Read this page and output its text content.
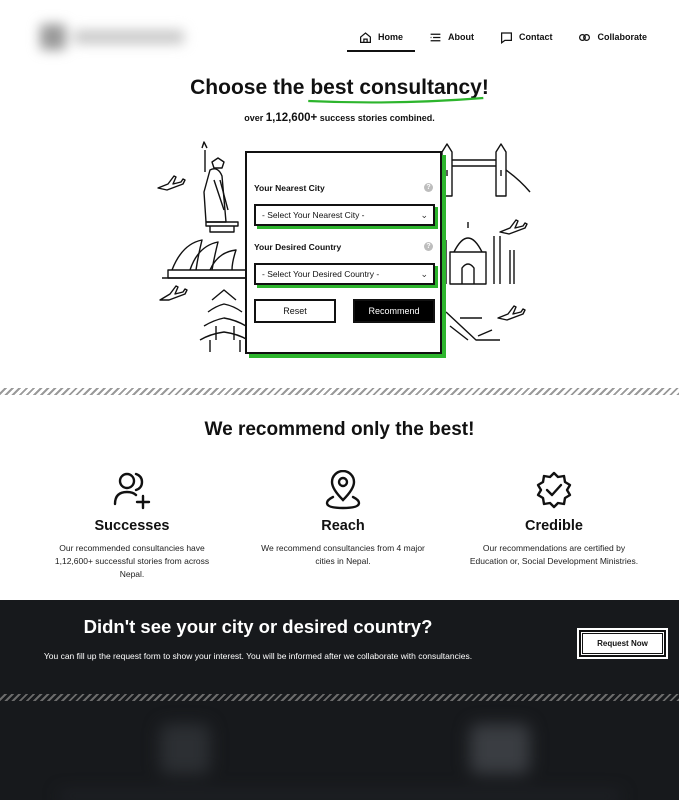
Home	About	Contact	Collaborate
Choose the best consultancy
!

over 1,12,600+ success stories combined.

Your Nearest City	?
- Select Your Nearest City -	⌄
Your Desired Country	?
- Select Your Desired Country -	⌄
Reset	Recommend
We recommend only the best!
Successes
Our recommended consultancies have 1,12,600+ successful stories from across Nepal.
Reach
We recommend consultancies from 4 major cities in Nepal.
Credible
Our recommendations are certified by Education or, Social Development Ministries.
Didn't see your city or desired country?

You can fill up the request form to show your interest. You will be informed after we collaborate with consultancies.

Request Now
